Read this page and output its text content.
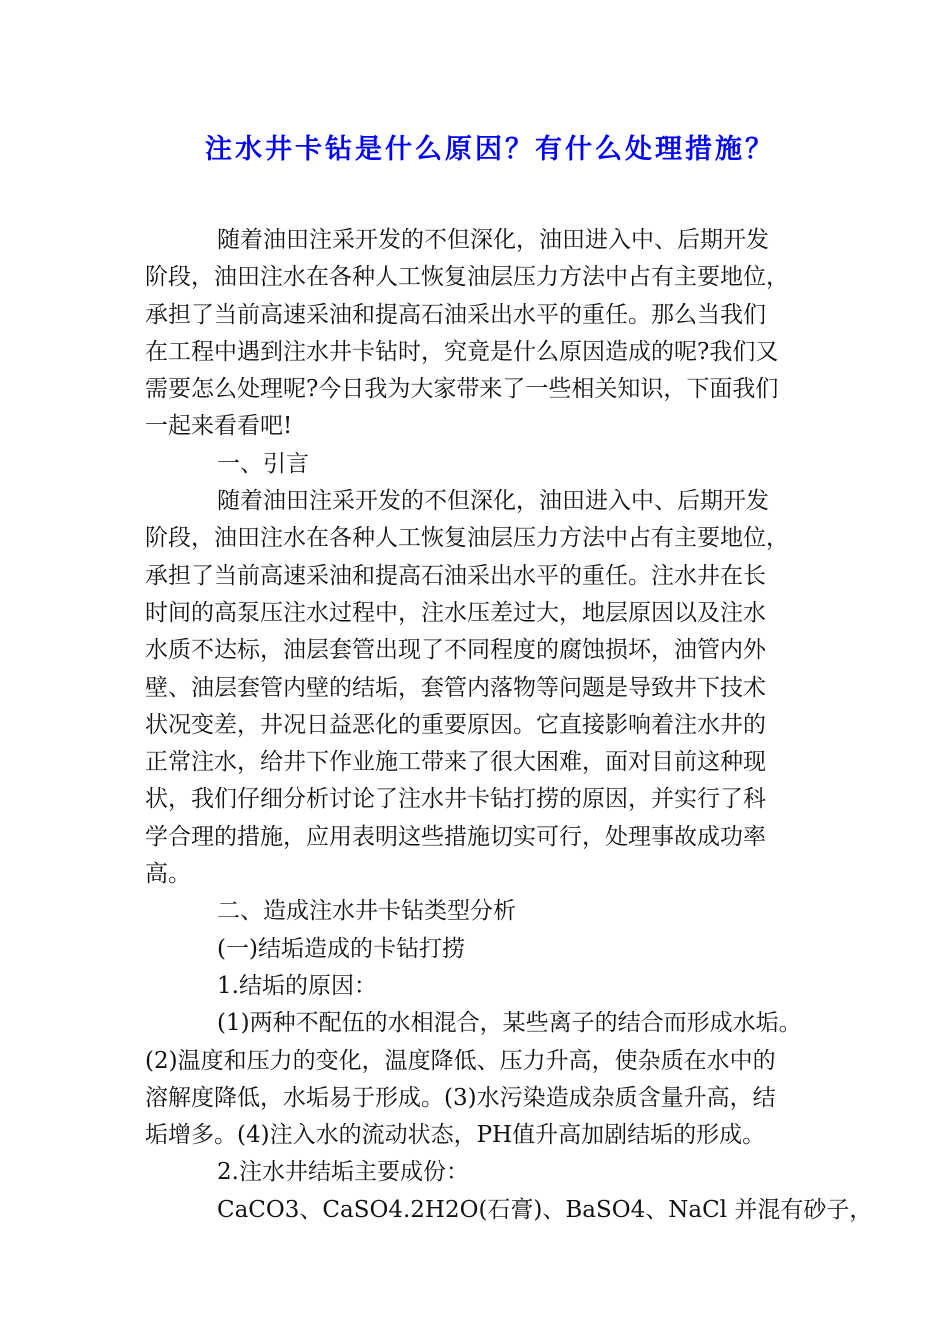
注水井卡钻是什么原因？有什么处理措施？
随着油田注采开发的不但深化，油田进入中、后期开发
阶段，油田注水在各种人工恢复油层压力方法中占有主要地位，
承担了当前高速采油和提高石油采出水平的重任。那么当我们
在工程中遇到注水井卡钻时，究竟是什么原因造成的呢?我们又
需要怎么处理呢?今日我为大家带来了一些相关知识，下面我们
一起来看看吧!
一、引言
随着油田注采开发的不但深化，油田进入中、后期开发
阶段，油田注水在各种人工恢复油层压力方法中占有主要地位，
承担了当前高速采油和提高石油采出水平的重任。注水井在长
时间的高泵压注水过程中，注水压差过大，地层原因以及注水
水质不达标，油层套管出现了不同程度的腐蚀损坏，油管内外
壁、油层套管内壁的结垢，套管内落物等问题是导致井下技术
状况变差，井况日益恶化的重要原因。它直接影响着注水井的
正常注水，给井下作业施工带来了很大困难，面对目前这种现
状，我们仔细分析讨论了注水井卡钻打捞的原因，并实行了科
学合理的措施，应用表明这些措施切实可行，处理事故成功率
高。
二、造成注水井卡钻类型分析
(一)结垢造成的卡钻打捞
1.结垢的原因：
(1)两种不配伍的水相混合，某些离子的结合而形成水垢。
(2)温度和压力的变化，温度降低、压力升高，使杂质在水中的
溶解度降低，水垢易于形成。(3)水污染造成杂质含量升高，结
垢增多。(4)注入水的流动状态，PH值升高加剧结垢的形成。
2.注水井结垢主要成份：
CaCO3、CaSO4.2H2O(石膏)、BaSO4、NaCl 并混有砂子，
